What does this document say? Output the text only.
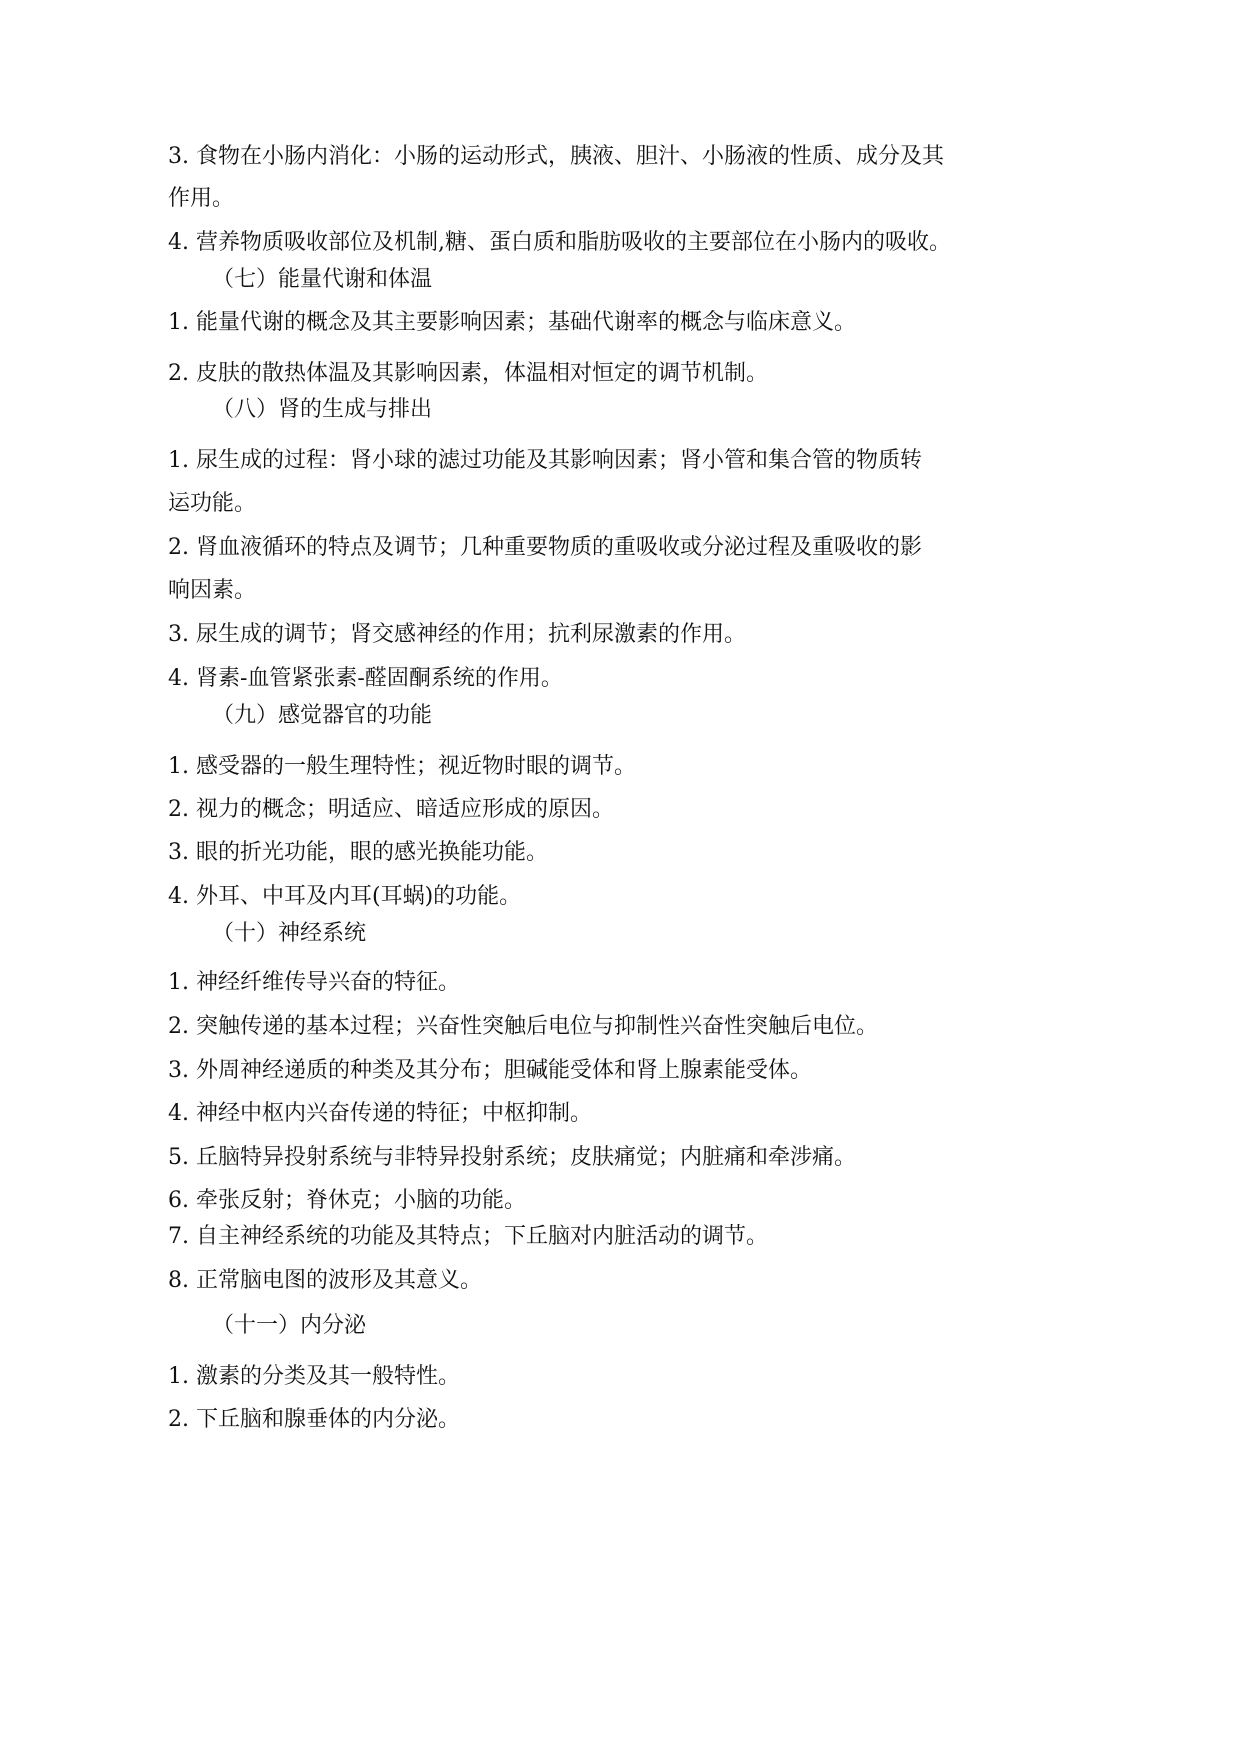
3. 食物在小肠内消化：小肠的运动形式，胰液、胆汁、小肠液的性质、成分及其
作用。
4. 营养物质吸收部位及机制,糖、蛋白质和脂肪吸收的主要部位在小肠内的吸收。
（七）能量代谢和体温
1. 能量代谢的概念及其主要影响因素；基础代谢率的概念与临床意义。
2. 皮肤的散热体温及其影响因素，体温相对恒定的调节机制。
（八）肾的生成与排出
1. 尿生成的过程：肾小球的滤过功能及其影响因素；肾小管和集合管的物质转
运功能。
2. 肾血液循环的特点及调节；几种重要物质的重吸收或分泌过程及重吸收的影
响因素。
3. 尿生成的调节；肾交感神经的作用；抗利尿激素的作用。
4. 肾素-血管紧张素-醛固酮系统的作用。
（九）感觉器官的功能
1. 感受器的一般生理特性；视近物时眼的调节。
2. 视力的概念；明适应、暗适应形成的原因。
3. 眼的折光功能，眼的感光换能功能。
4. 外耳、中耳及内耳(耳蜗)的功能。
（十）神经系统
1. 神经纤维传导兴奋的特征。
2. 突触传递的基本过程；兴奋性突触后电位与抑制性兴奋性突触后电位。
3. 外周神经递质的种类及其分布；胆碱能受体和肾上腺素能受体。
4. 神经中枢内兴奋传递的特征；中枢抑制。
5. 丘脑特异投射系统与非特异投射系统；皮肤痛觉；内脏痛和牵涉痛。
6. 牵张反射；脊休克；小脑的功能。
7. 自主神经系统的功能及其特点；下丘脑对内脏活动的调节。
8. 正常脑电图的波形及其意义。
（十一）内分泌
1. 激素的分类及其一般特性。
2. 下丘脑和腺垂体的内分泌。
